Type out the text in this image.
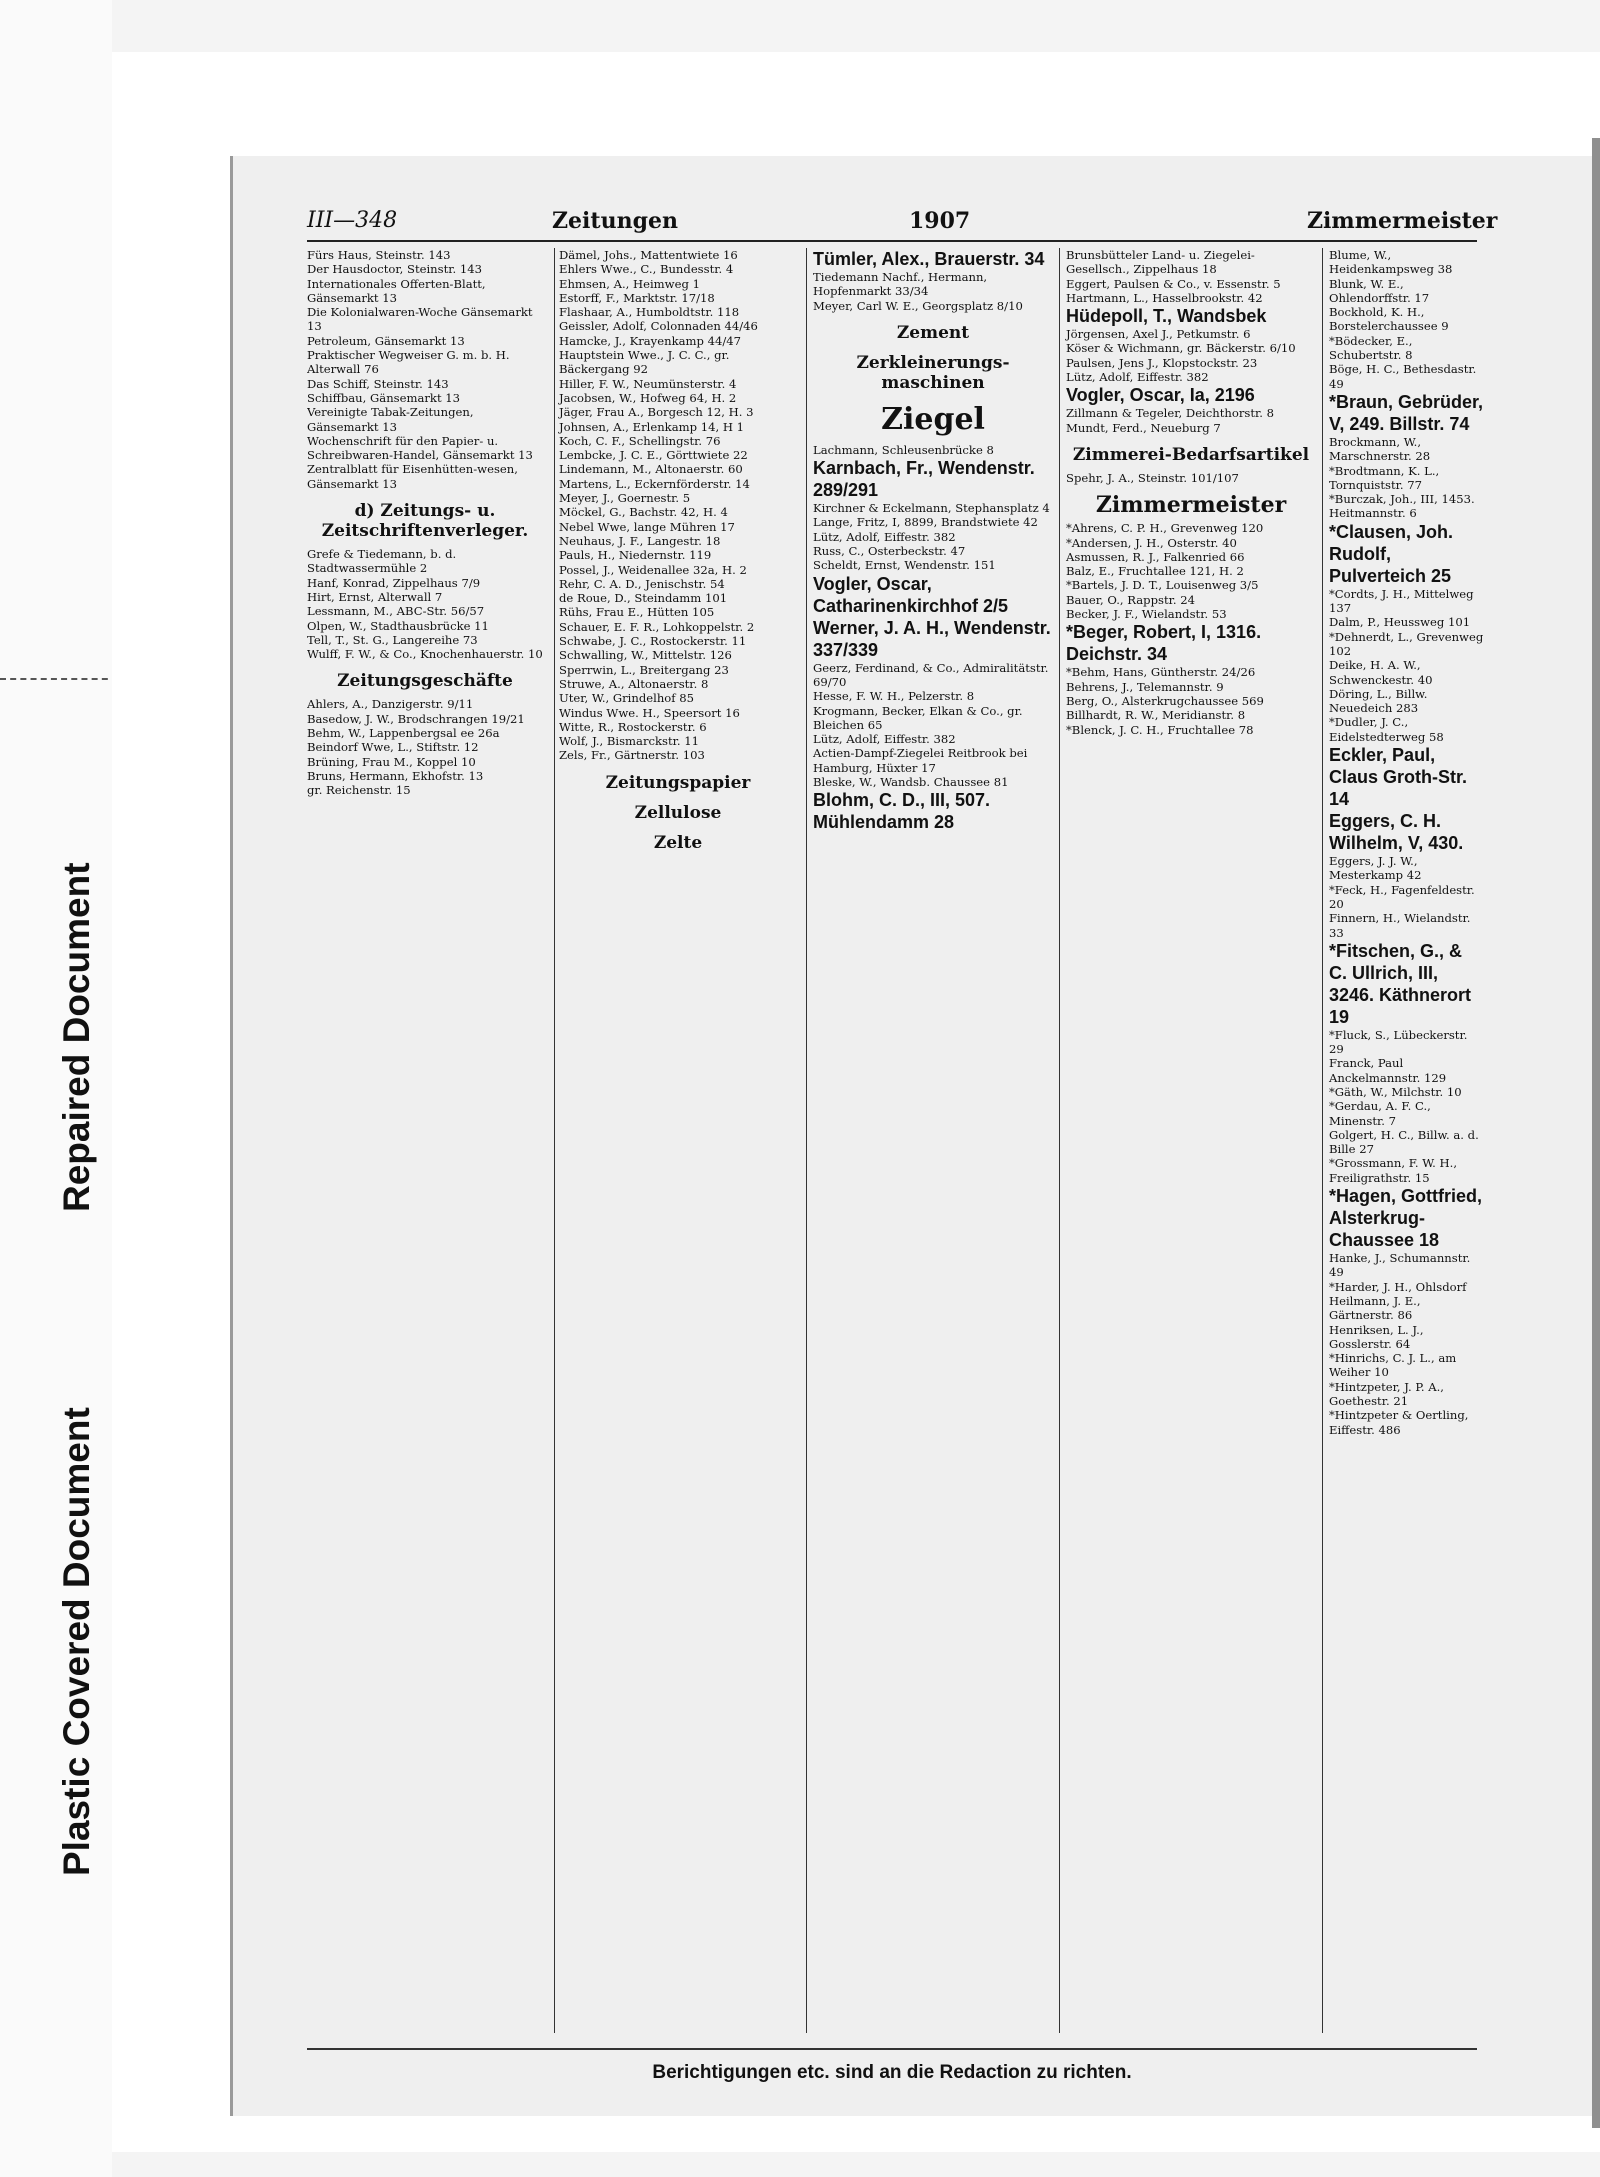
Repaired Document
Plastic Covered Document
III—348	Zeitungen	1907	Zimmermeister

Fürs Haus, Steinstr. 143

Der Hausdoctor, Steinstr. 143

Internationales Offerten-Blatt, Gänsemarkt 13

Die Kolonialwaren-Woche Gänsemarkt 13

Petroleum, Gänsemarkt 13

Praktischer Wegweiser G. m. b. H. Alterwall 76

Das Schiff, Steinstr. 143

Schiffbau, Gänsemarkt 13

Vereinigte Tabak-Zeitungen, Gänsemarkt 13

Wochenschrift für den Papier- u. Schreibwaren-Handel, Gänsemarkt 13

Zentralblatt für Eisenhütten-wesen, Gänsemarkt 13

d) Zeitungs- u. Zeitschriftenverleger.

Grefe & Tiedemann, b. d. Stadtwassermühle 2

Hanf, Konrad, Zippelhaus 7/9

Hirt, Ernst, Alterwall 7

Lessmann, M., ABC-Str. 56/57

Olpen, W., Stadthausbrücke 11

Tell, T., St. G., Langereihe 73

Wulff, F. W., & Co., Knochenhauerstr. 10

Zeitungsgeschäfte

Ahlers, A., Danzigerstr. 9/11

Basedow, J. W., Brodschrangen 19/21

Behm, W., Lappenbergsal ee 26a

Beindorf Wwe, L., Stiftstr. 12

Brüning, Frau M., Koppel 10

Bruns, Hermann, Ekhofstr. 13

gr. Reichenstr. 15

Dämel, Johs., Mattentwiete 16

Ehlers Wwe., C., Bundesstr. 4

Ehmsen, A., Heimweg 1

Estorff, F., Marktstr. 17/18

Flashaar, A., Humboldtstr. 118

Geissler, Adolf, Colonnaden 44/46

Hamcke, J., Krayenkamp 44/47

Hauptstein Wwe., J. C. C., gr. Bäckergang 92

Hiller, F. W., Neumünsterstr. 4

Jacobsen, W., Hofweg 64, H. 2

Jäger, Frau A., Borgesch 12, H. 3

Johnsen, A., Erlenkamp 14, H 1

Koch, C. F., Schellingstr. 76

Lembcke, J. C. E., Görttwiete 22

Lindemann, M., Altonaerstr. 60

Martens, L., Eckernförderstr. 14

Meyer, J., Goernestr. 5

Möckel, G., Bachstr. 42, H. 4

Nebel Wwe, lange Mühren 17

Neuhaus, J. F., Langestr. 18

Pauls, H., Niedernstr. 119

Possel, J., Weidenallee 32a, H. 2

Rehr, C. A. D., Jenischstr. 54

de Roue, D., Steindamm 101

Rühs, Frau E., Hütten 105

Schauer, E. F. R., Lohkoppelstr. 2

Schwabe, J. C., Rostockerstr. 11

Schwalling, W., Mittelstr. 126

Sperrwin, L., Breitergang 23

Struwe, A., Altonaerstr. 8

Uter, W., Grindelhof 85

Windus Wwe. H., Speersort 16

Witte, R., Rostockerstr. 6

Wolf, J., Bismarckstr. 11

Zels, Fr., Gärtnerstr. 103

Zeitungspapier

Zellulose

Zelte

Tümler, Alex., Brauerstr. 34

Tiedemann Nachf., Hermann, Hopfenmarkt 33/34

Meyer, Carl W. E., Georgsplatz 8/10

Zement

Zerkleinerungs-maschinen

Ziegel

Lachmann, Schleusenbrücke 8

Karnbach, Fr., Wendenstr. 289/291

Kirchner & Eckelmann, Stephansplatz 4

Lange, Fritz, I, 8899, Brandstwiete 42

Lütz, Adolf, Eiffestr. 382

Russ, C., Osterbeckstr. 47

Scheldt, Ernst, Wendenstr. 151

Vogler, Oscar, Catharinenkirchhof 2/5

Werner, J. A. H., Wendenstr. 337/339

Geerz, Ferdinand, & Co., Admiralitätstr. 69/70

Hesse, F. W. H., Pelzerstr. 8

Krogmann, Becker, Elkan & Co., gr. Bleichen 65

Lütz, Adolf, Eiffestr. 382

Actien-Dampf-Ziegelei Reitbrook bei Hamburg, Hüxter 17

Bleske, W., Wandsb. Chaussee 81

Blohm, C. D., III, 507. Mühlendamm 28

Brunsbütteler Land- u. Ziegelei-Gesellsch., Zippelhaus 18

Eggert, Paulsen & Co., v. Essenstr. 5

Hartmann, L., Hasselbrookstr. 42

Hüdepoll, T., Wandsbek

Jörgensen, Axel J., Petkumstr. 6

Köser & Wichmann, gr. Bäckerstr. 6/10

Paulsen, Jens J., Klopstockstr. 23

Lütz, Adolf, Eiffestr. 382

Vogler, Oscar, Ia, 2196

Zillmann & Tegeler, Deichthorstr. 8

Mundt, Ferd., Neueburg 7

Zimmerei-Bedarfsartikel

Spehr, J. A., Steinstr. 101/107

Zimmermeister

*Ahrens, C. P. H., Grevenweg 120

*Andersen, J. H., Osterstr. 40

Asmussen, R. J., Falkenried 66

Balz, E., Fruchtallee 121, H. 2

*Bartels, J. D. T., Louisenweg 3/5

Bauer, O., Rappstr. 24

Becker, J. F., Wielandstr. 53

*Beger, Robert, I, 1316. Deichstr. 34

*Behm, Hans, Güntherstr. 24/26

Behrens, J., Telemannstr. 9

Berg, O., Alsterkrugchaussee 569

Billhardt, R. W., Meridianstr. 8

*Blenck, J. C. H., Fruchtallee 78

Blume, W., Heidenkampsweg 38

Blunk, W. E., Ohlendorffstr. 17

Bockhold, K. H., Borstelerchaussee 9

*Bödecker, E., Schubertstr. 8

Böge, H. C., Bethesdastr. 49

*Braun, Gebrüder, V, 249. Billstr. 74

Brockmann, W., Marschnerstr. 28

*Brodtmann, K. L., Tornquiststr. 77

*Burczak, Joh., III, 1453. Heitmannstr. 6

*Clausen, Joh. Rudolf, Pulverteich 25

*Cordts, J. H., Mittelweg 137

Dalm, P., Heussweg 101

*Dehnerdt, L., Grevenweg 102

Deike, H. A. W., Schwenckestr. 40

Döring, L., Billw. Neuedeich 283

*Dudler, J. C., Eidelstedterweg 58

Eckler, Paul, Claus Groth-Str. 14

Eggers, C. H. Wilhelm, V, 430.

Eggers, J. J. W., Mesterkamp 42

*Feck, H., Fagenfeldestr. 20

Finnern, H., Wielandstr. 33

*Fitschen, G., & C. Ullrich, III, 3246. Käthnerort 19

*Fluck, S., Lübeckerstr. 29

Franck, Paul Anckelmannstr. 129

*Gäth, W., Milchstr. 10

*Gerdau, A. F. C., Minenstr. 7

Golgert, H. C., Billw. a. d. Bille 27

*Grossmann, F. W. H., Freiligrathstr. 15

*Hagen, Gottfried, Alsterkrug-Chaussee 18

Hanke, J., Schumannstr. 49

*Harder, J. H., Ohlsdorf

Heilmann, J. E., Gärtnerstr. 86

Henriksen, L. J., Gosslerstr. 64

*Hinrichs, C. J. L., am Weiher 10

*Hintzpeter, J. P. A., Goethestr. 21

*Hintzpeter & Oertling, Eiffestr. 486

Berichtigungen etc. sind an die Redaction zu richten.
